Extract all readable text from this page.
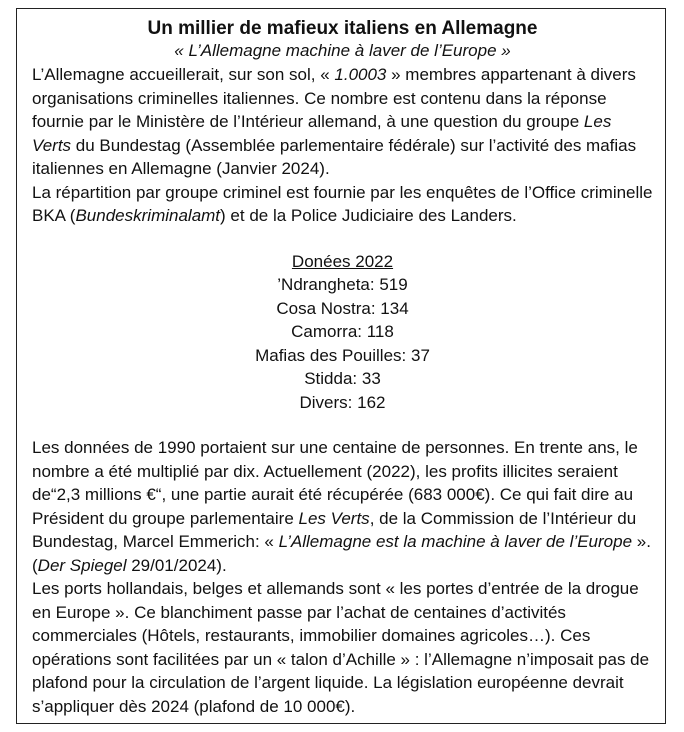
Un millier de mafieux italiens en Allemagne

« L’Allemagne machine à laver de l’Europe »

L’Allemagne accueillerait, sur son sol, « 1.0003 » membres appartenant à divers organisations criminelles italiennes. Ce nombre est contenu dans la réponse fournie par le Ministère de l’Intérieur allemand, à une question du groupe Les Verts du Bundestag (Assemblée parlementaire fédérale) sur l’activité des mafias italiennes en Allemagne (Janvier 2024).

La répartition par groupe criminel est fournie par les enquêtes de l’Office criminelle BKA (Bundeskriminalamt) et de la Police Judiciaire des Landers.

Donées 2022
’Ndrangheta: 519
Cosa Nostra: 134
Camorra: 118
Mafias des Pouilles: 37
Stidda: 33
Divers: 162

Les données de 1990 portaient sur une centaine de personnes. En trente ans, le nombre a été multiplié par dix. Actuellement (2022), les profits illicites seraient de“2,3 millions €“, une partie aurait été récupérée (683 000€). Ce qui fait dire au Président du groupe parlementaire Les Verts, de la Commission de l’Intérieur du Bundestag, Marcel Emmerich: « L’Allemagne est la machine à laver de l’Europe ». (Der Spiegel 29/01/2024).

Les ports hollandais, belges et allemands sont « les portes d’entrée de la drogue en Europe ». Ce blanchiment passe par l’achat de centaines d’activités commerciales (Hôtels, restaurants, immobilier domaines agricoles…). Ces opérations sont facilitées par un « talon d’Achille » : l’Allemagne n’imposait pas de plafond pour la circulation de l’argent liquide. La législation européenne devrait s’appliquer dès 2024 (plafond de 10 000€).
